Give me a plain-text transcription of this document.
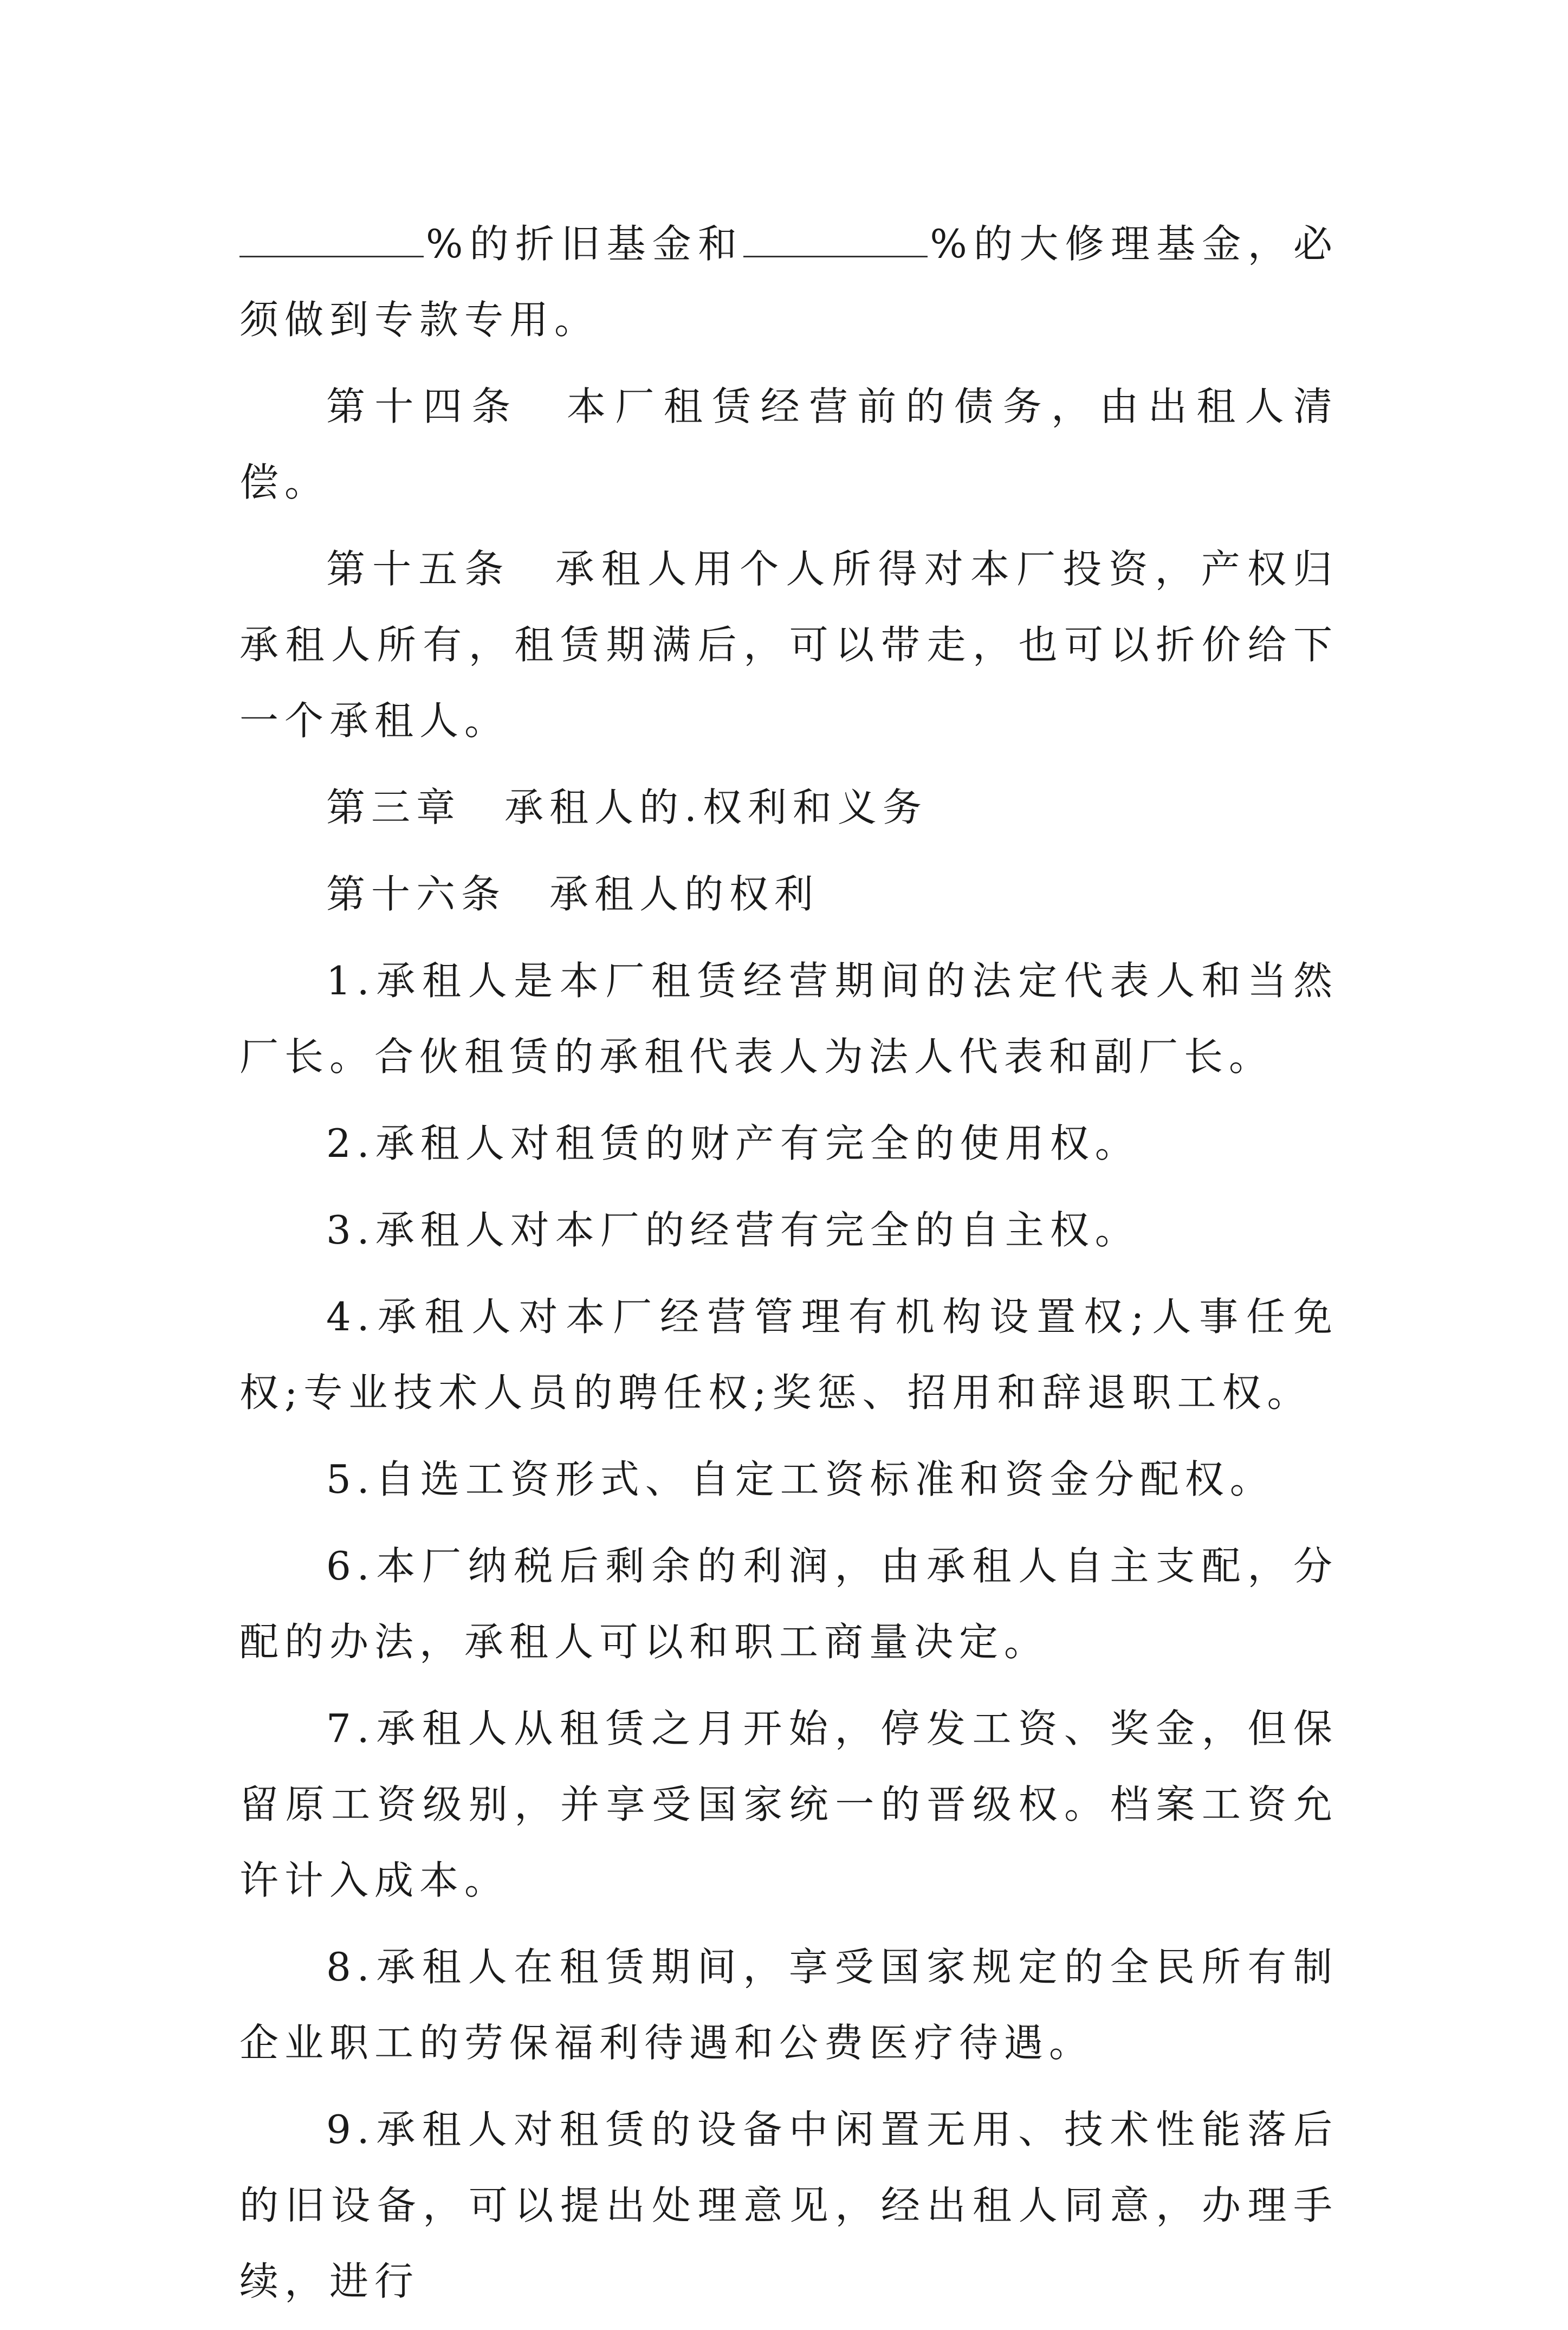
%的折旧基金和	%的大修理基金，必须做到专款专用。

第十四条 本厂租赁经营前的债务，由出租人清偿。

第十五条 承租人用个人所得对本厂投资，产权归承租人所有，租赁期满后，可以带走，也可以折价给下一个承租人。

第三章 承租人的.权利和义务

第十六条 承租人的权利

1.承租人是本厂租赁经营期间的法定代表人和当然厂长。合伙租赁的承租代表人为法人代表和副厂长。

2.承租人对租赁的财产有完全的使用权。

3.承租人对本厂的经营有完全的自主权。

4.承租人对本厂经营管理有机构设置权;人事任免权;专业技术人员的聘任权;奖惩、招用和辞退职工权。

5.自选工资形式、自定工资标准和资金分配权。

6.本厂纳税后剩余的利润，由承租人自主支配，分配的办法，承租人可以和职工商量决定。

7.承租人从租赁之月开始，停发工资、奖金，但保留原工资级别，并享受国家统一的晋级权。档案工资允许计入成本。

8.承租人在租赁期间，享受国家规定的全民所有制企业职工的劳保福利待遇和公费医疗待遇。

9.承租人对租赁的设备中闲置无用、技术性能落后的旧设备，可以提出处理意见，经出租人同意，办理手续，进行
